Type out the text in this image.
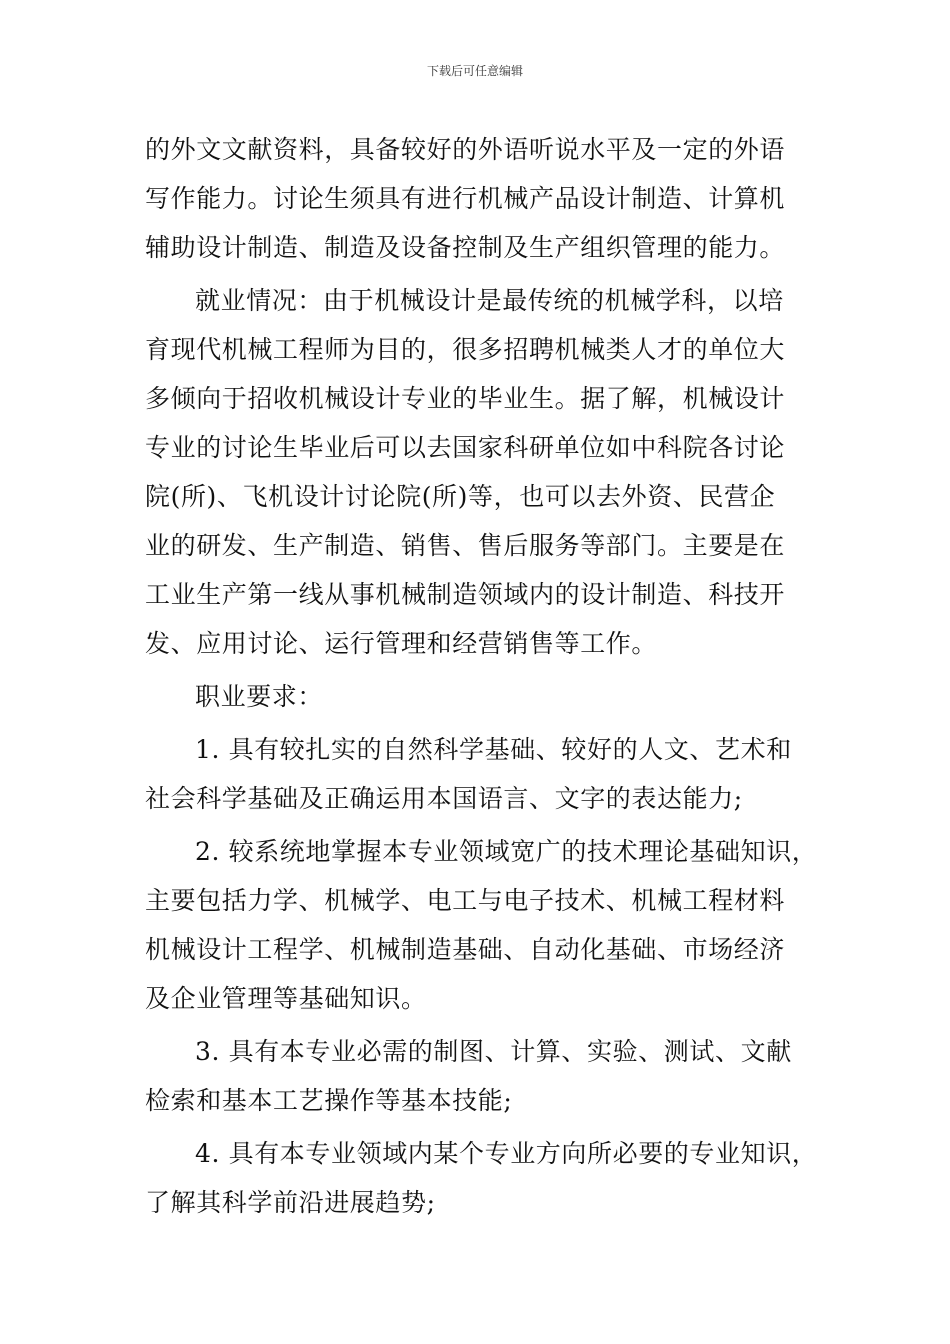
下载后可任意编辑
的外文文献资料，具备较好的外语听说水平及一定的外语
写作能力。讨论生须具有进行机械产品设计制造、计算机
辅助设计制造、制造及设备控制及生产组织管理的能力。
就业情况：由于机械设计是最传统的机械学科，以培
育现代机械工程师为目的，很多招聘机械类人才的单位大
多倾向于招收机械设计专业的毕业生。据了解，机械设计
专业的讨论生毕业后可以去国家科研单位如中科院各讨论
院(所)、飞机设计讨论院(所)等，也可以去外资、民营企
业的研发、生产制造、销售、售后服务等部门。主要是在
工业生产第一线从事机械制造领域内的设计制造、科技开
发、应用讨论、运行管理和经营销售等工作。
职业要求：
1. 具有较扎实的自然科学基础、较好的人文、艺术和
社会科学基础及正确运用本国语言、文字的表达能力;
2. 较系统地掌握本专业领域宽广的技术理论基础知识，
主要包括力学、机械学、电工与电子技术、机械工程材料
机械设计工程学、机械制造基础、自动化基础、市场经济
及企业管理等基础知识。
3. 具有本专业必需的制图、计算、实验、测试、文献
检索和基本工艺操作等基本技能;
4. 具有本专业领域内某个专业方向所必要的专业知识，
了解其科学前沿进展趋势;
